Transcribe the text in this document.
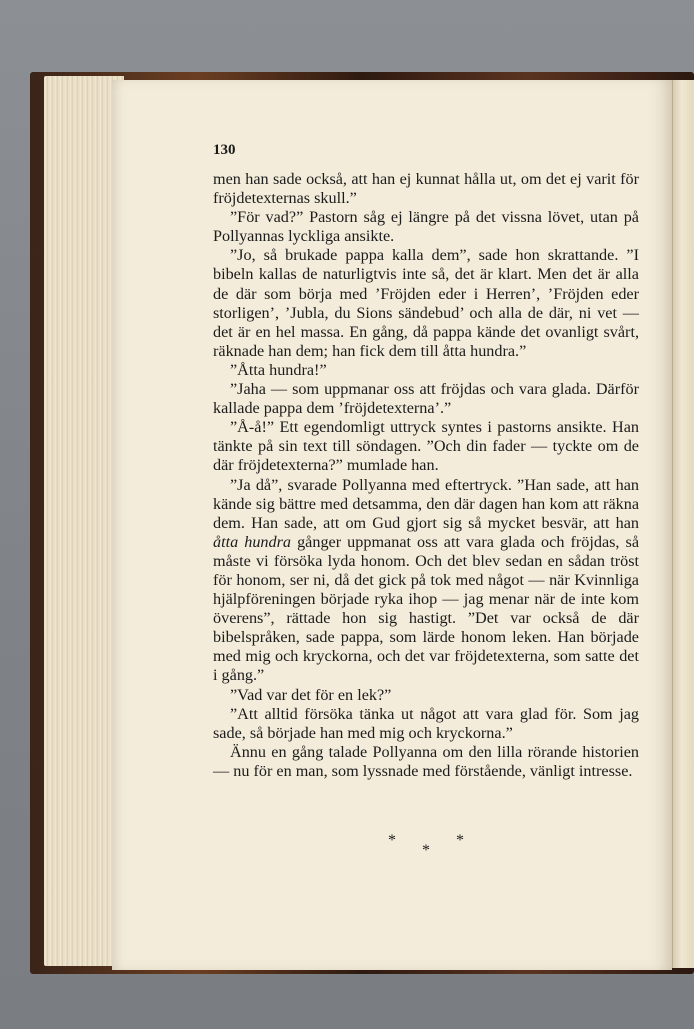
130

men han sade också, att han ej kunnat hålla ut, om det ej varit för fröjdetexternas skull.”

”För vad?” Pastorn såg ej längre på det vissna lövet, utan på Pollyannas lyckliga ansikte.

”Jo, så brukade pappa kalla dem”, sade hon skrattande. ”I bibeln kallas de naturligtvis inte så, det är klart. Men det är alla de där som börja med ’Fröjden eder i Herren’, ’Fröjden eder storligen’, ’Jubla, du Sions sändebud’ och alla de där, ni vet — det är en hel massa. En gång, då pappa kände det ovanligt svårt, räknade han dem; han fick dem till åtta hundra.”

”Åtta hundra!”

”Jaha — som uppmanar oss att fröjdas och vara glada. Därför kallade pappa dem ’fröjdetexterna’.”

”Å-å!” Ett egendomligt uttryck syntes i pastorns ansikte. Han tänkte på sin text till söndagen. ”Och din fader — tyckte om de där fröjdetexterna?” mumlade han.

”Ja då”, svarade Pollyanna med eftertryck. ”Han sade, att han kände sig bättre med detsamma, den där dagen han kom att räkna dem. Han sade, att om Gud gjort sig så mycket besvär, att han åtta hundra gånger uppmanat oss att vara glada och fröjdas, så måste vi försöka lyda honom. Och det blev sedan en sådan tröst för honom, ser ni, då det gick på tok med något — när Kvinnliga hjälpföreningen började ryka ihop — jag menar när de inte kom överens”, rättade hon sig hastigt. ”Det var också de där bibelspråken, sade pappa, som lärde honom leken. Han började med mig och kryckorna, och det var fröjdetexterna, som satte det i gång.”

”Vad var det för en lek?”

”Att alltid försöka tänka ut något att vara glad för. Som jag sade, så började han med mig och kryckorna.”

Ännu en gång talade Pollyanna om den lilla rörande historien — nu för en man, som lyssnade med förstående, vänligt intresse.

*
*
*
